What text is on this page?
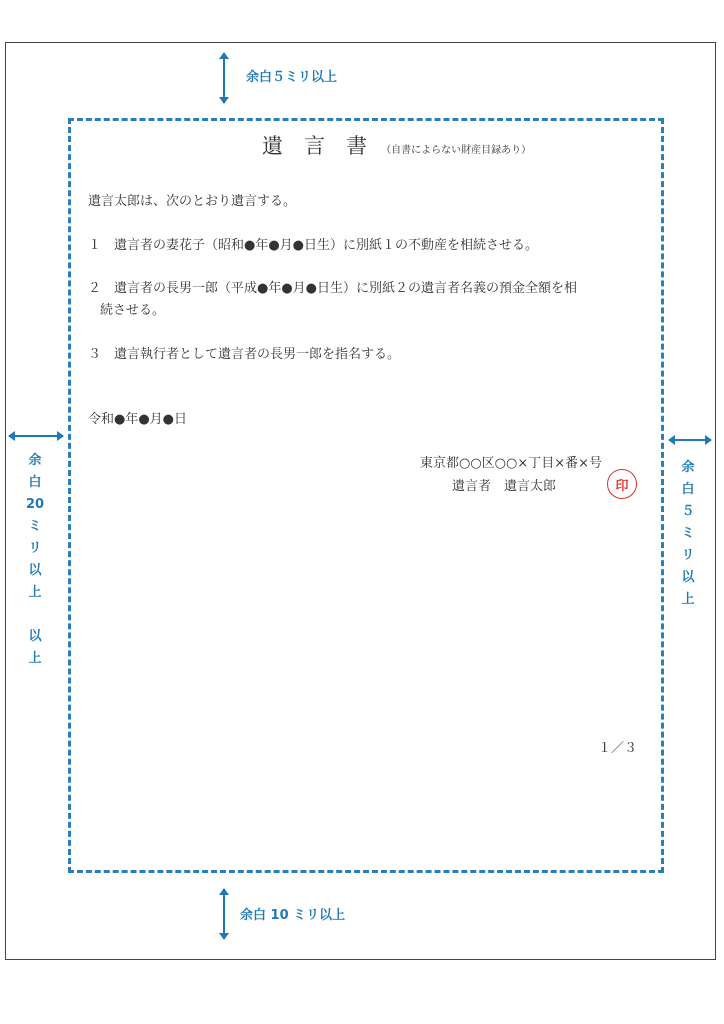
余白５ミリ以上
余白 10 ミリ以上
余
白
20
ミ
リ
以
上
以
上
余
白
５
ミ
リ
以
上
遺　言　書 （自書によらない財産目録あり）
遺言太郎は、次のとおり遺言する。
１　遺言者の妻花子（昭和●年●月●日生）に別紙１の不動産を相続させる。
２　遺言者の長男一郎（平成●年●月●日生）に別紙２の遺言者名義の預金全額を相
続させる。
３　遺言執行者として遺言者の長男一郎を指名する。
令和●年●月●日
東京都○○区○○×丁目×番×号
遺言者　遺言太郎	印
１／３
